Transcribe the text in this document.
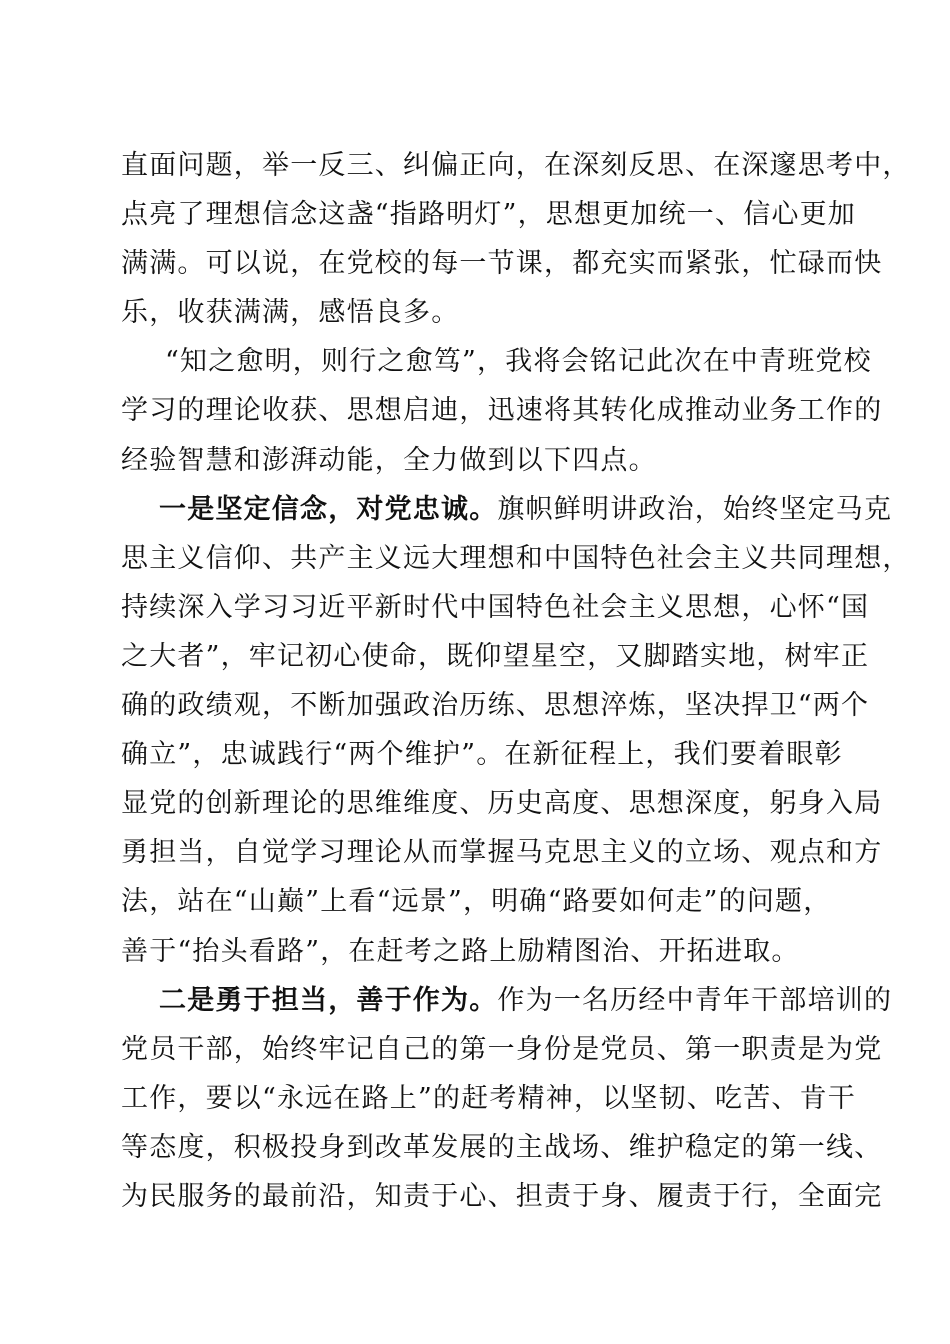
直面问题，举一反三、纠偏正向，在深刻反思、在深邃思考中，
点亮了理想信念这盏“指路明灯”，思想更加统一、信心更加
满满。可以说，在党校的每一节课，都充实而紧张，忙碌而快
乐，收获满满，感悟良多。
“知之愈明，则行之愈笃”，我将会铭记此次在中青班党校
学习的理论收获、思想启迪，迅速将其转化成推动业务工作的
经验智慧和澎湃动能，全力做到以下四点。
一是坚定信念，对党忠诚。旗帜鲜明讲政治，始终坚定马克
思主义信仰、共产主义远大理想和中国特色社会主义共同理想，
持续深入学习习近平新时代中国特色社会主义思想，心怀“国
之大者”，牢记初心使命，既仰望星空，又脚踏实地，树牢正
确的政绩观，不断加强政治历练、思想淬炼，坚决捍卫“两个
确立”，忠诚践行“两个维护”。在新征程上，我们要着眼彰
显党的创新理论的思维维度、历史高度、思想深度，躬身入局
勇担当，自觉学习理论从而掌握马克思主义的立场、观点和方
法，站在“山巅”上看“远景”，明确“路要如何走”的问题，
善于“抬头看路”，在赶考之路上励精图治、开拓进取。
二是勇于担当，善于作为。作为一名历经中青年干部培训的
党员干部，始终牢记自己的第一身份是党员、第一职责是为党
工作，要以“永远在路上”的赶考精神，以坚韧、吃苦、肯干
等态度，积极投身到改革发展的主战场、维护稳定的第一线、
为民服务的最前沿，知责于心、担责于身、履责于行，全面完
